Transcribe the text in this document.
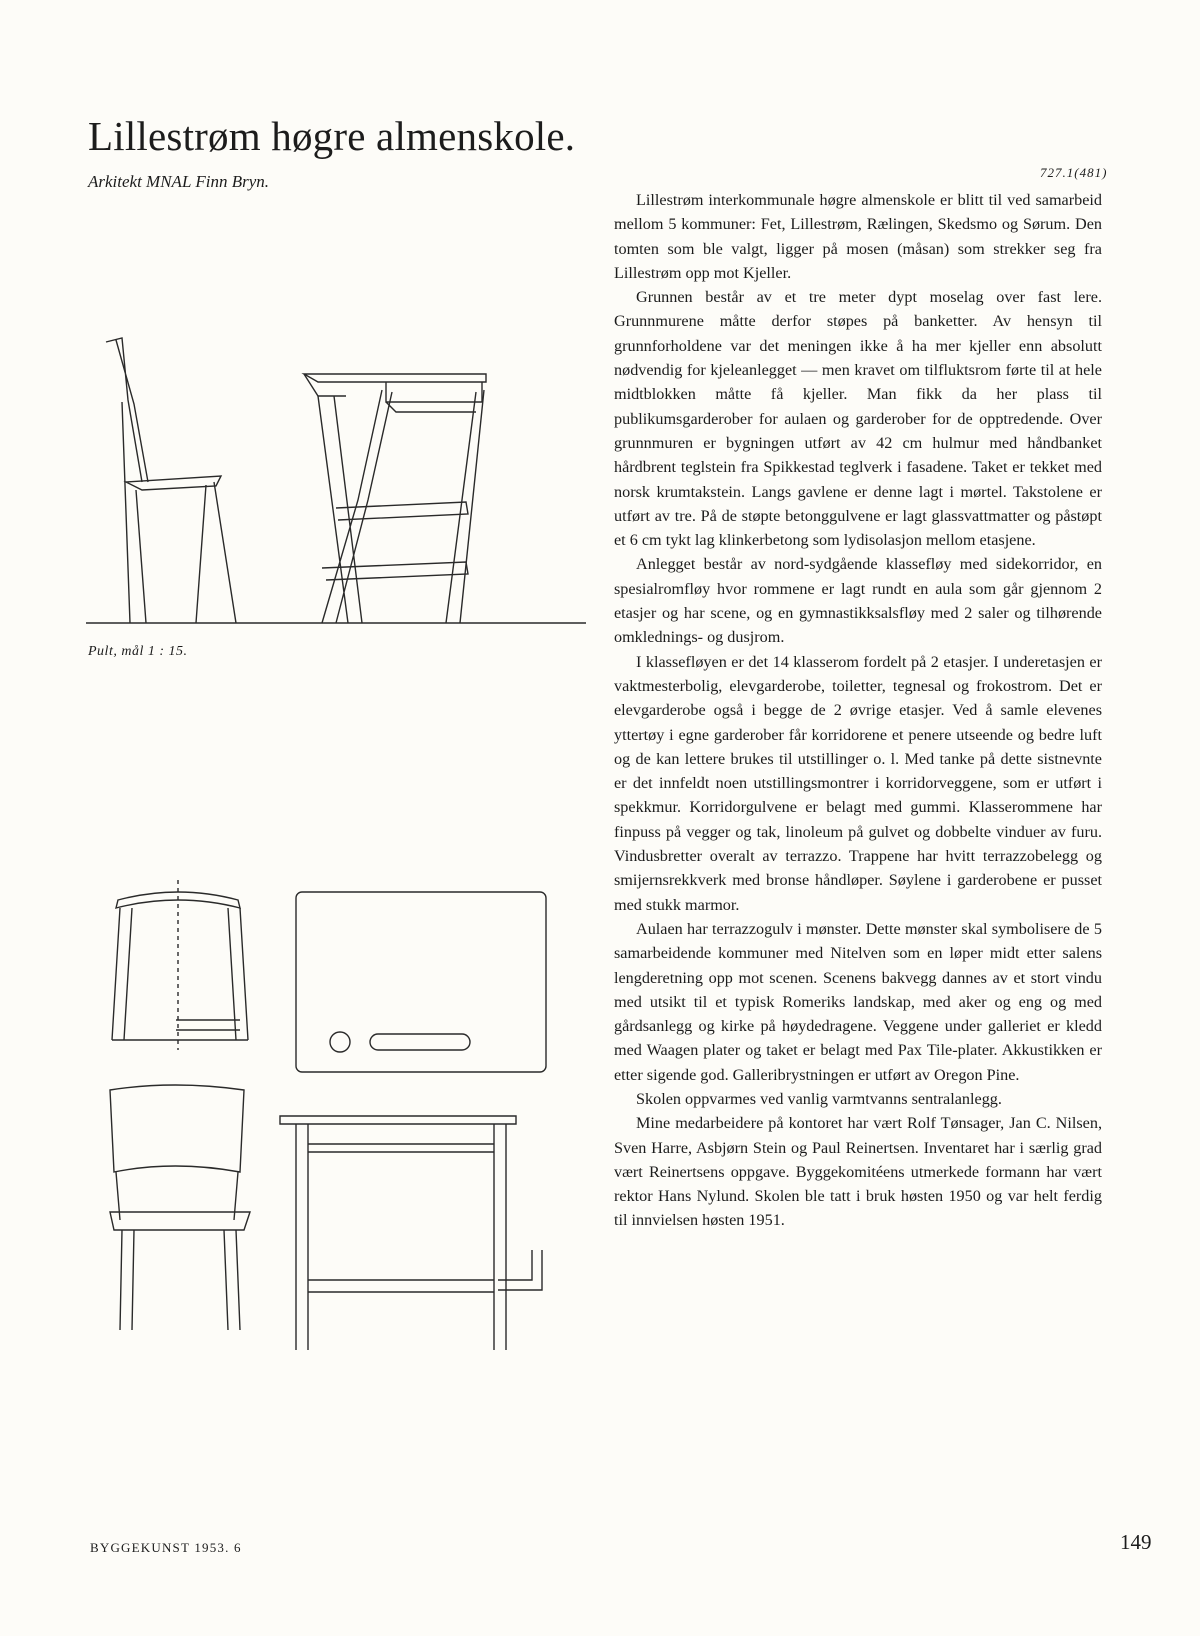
Lillestrøm høgre almenskole.
Arkitekt MNAL Finn Bryn.	727.1(481)
Pult, mål 1 : 15.

Lillestrøm interkommunale høgre almenskole er blitt til ved samarbeid mellom 5 kommuner: Fet, Lillestrøm, Rælingen, Skedsmo og Sørum. Den tomten som ble valgt, ligger på mosen (måsan) som strekker seg fra Lillestrøm opp mot Kjeller.

Grunnen består av et tre meter dypt moselag over fast lere. Grunnmurene måtte derfor støpes på banketter. Av hensyn til grunnforholdene var det meningen ikke å ha mer kjeller enn absolutt nødvendig for kjeleanlegget — men kravet om tilfluktsrom førte til at hele midtblokken måtte få kjeller. Man fikk da her plass til publikumsgarderober for aulaen og garderober for de opptredende. Over grunnmuren er bygningen utført av 42 cm hulmur med håndbanket hårdbrent teglstein fra Spikkestad teglverk i fasadene. Taket er tekket med norsk krumtakstein. Langs gavlene er denne lagt i mørtel. Takstolene er utført av tre. På de støpte betonggulvene er lagt glassvattmatter og påstøpt et 6 cm tykt lag klinkerbetong som lydisolasjon mellom etasjene.

Anlegget består av nord-sydgående klassefløy med sidekorridor, en spesialromfløy hvor rommene er lagt rundt en aula som går gjennom 2 etasjer og har scene, og en gymnastikksalsfløy med 2 saler og tilhørende omklednings- og dusjrom.

I klassefløyen er det 14 klasserom fordelt på 2 etasjer. I underetasjen er vaktmesterbolig, elevgarderobe, toiletter, tegnesal og frokostrom. Det er elevgarderobe også i begge de 2 øvrige etasjer. Ved å samle elevenes yttertøy i egne garderober får korridorene et penere utseende og bedre luft og de kan lettere brukes til utstillinger o. l. Med tanke på dette sistnevnte er det innfeldt noen utstillingsmontrer i korridorveggene, som er utført i spekkmur. Korridorgulvene er belagt med gummi. Klasserommene har finpuss på vegger og tak, linoleum på gulvet og dobbelte vinduer av furu. Vindusbretter overalt av terrazzo. Trappene har hvitt terrazzobelegg og smijernsrekkverk med bronse håndløper. Søylene i garderobene er pusset med stukk marmor.

Aulaen har terrazzogulv i mønster. Dette mønster skal symbolisere de 5 samarbeidende kommuner med Nitelven som en løper midt etter salens lengderetning opp mot scenen. Scenens bakvegg dannes av et stort vindu med utsikt til et typisk Romeriks landskap, med aker og eng og med gårdsanlegg og kirke på høydedragene. Veggene under galleriet er kledd med Waagen plater og taket er belagt med Pax Tile-plater. Akkustikken er etter sigende god. Galleribrystningen er utført av Oregon Pine.

Skolen oppvarmes ved vanlig varmtvanns sentralanlegg.

Mine medarbeidere på kontoret har vært Rolf Tønsager, Jan C. Nilsen, Sven Harre, Asbjørn Stein og Paul Reinertsen. Inventaret har i særlig grad vært Reinertsens oppgave. Byggekomitéens utmerkede formann har vært rektor Hans Nylund. Skolen ble tatt i bruk høsten 1950 og var helt ferdig til innvielsen høsten 1951.

BYGGEKUNST 1953. 6	149
